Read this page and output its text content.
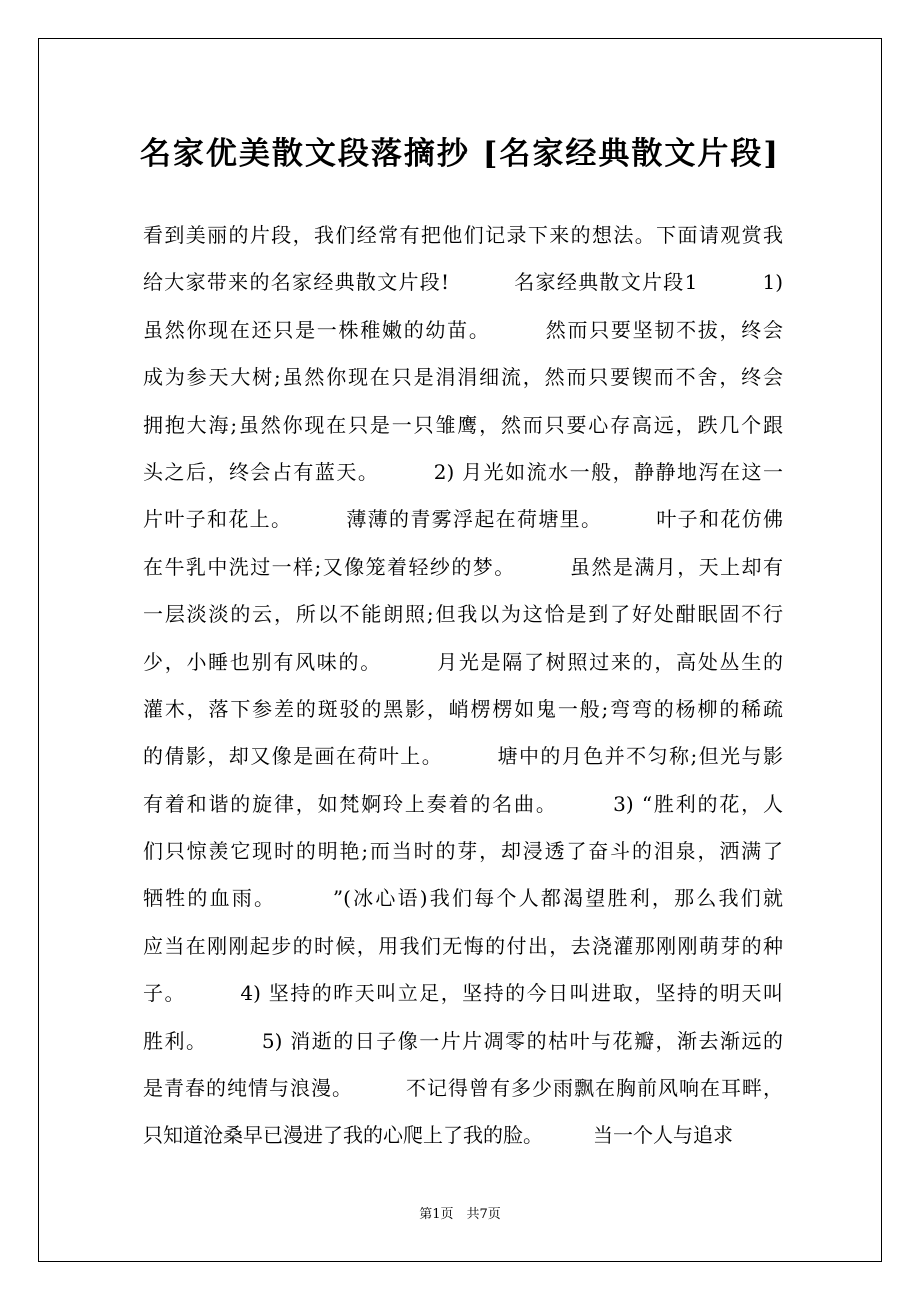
名家优美散文段落摘抄 [名家经典散文片段]
看到美丽的片段，我们经常有把他们记录下来的想法。下面请观赏我
给大家带来的名家经典散文片段!　　　名家经典散文片段1　　　1)
虽然你现在还只是一株稚嫩的幼苗。　　　然而只要坚韧不拔，终会
成为参天大树;虽然你现在只是涓涓细流，然而只要锲而不舍，终会
拥抱大海;虽然你现在只是一只雏鹰，然而只要心存高远，跌几个跟
头之后，终会占有蓝天。　　　2) 月光如流水一般，静静地泻在这一
片叶子和花上。　　　薄薄的青雾浮起在荷塘里。　　　叶子和花仿佛
在牛乳中洗过一样;又像笼着轻纱的梦。　　　虽然是满月，天上却有
一层淡淡的云，所以不能朗照;但我以为这恰是到了好处酣眠固不行
少，小睡也别有风味的。　　　月光是隔了树照过来的，高处丛生的
灌木，落下参差的斑驳的黑影，峭楞楞如鬼一般;弯弯的杨柳的稀疏
的倩影，却又像是画在荷叶上。　　　塘中的月色并不匀称;但光与影
有着和谐的旋律，如梵婀玲上奏着的名曲。　　　3) “胜利的花，人
们只惊羡它现时的明艳;而当时的芽，却浸透了奋斗的泪泉，洒满了
牺牲的血雨。　　　”(冰心语)我们每个人都渴望胜利，那么我们就
应当在刚刚起步的时候，用我们无悔的付出，去浇灌那刚刚萌芽的种
子。　　　4) 坚持的昨天叫立足，坚持的今日叫进取，坚持的明天叫
胜利。　　　5) 消逝的日子像一片片凋零的枯叶与花瓣，渐去渐远的
是青春的纯情与浪漫。　　　不记得曾有多少雨飘在胸前风响在耳畔，
只知道沧桑早已漫进了我的心爬上了我的脸。　　　当一个人与追求
第1页　共7页
